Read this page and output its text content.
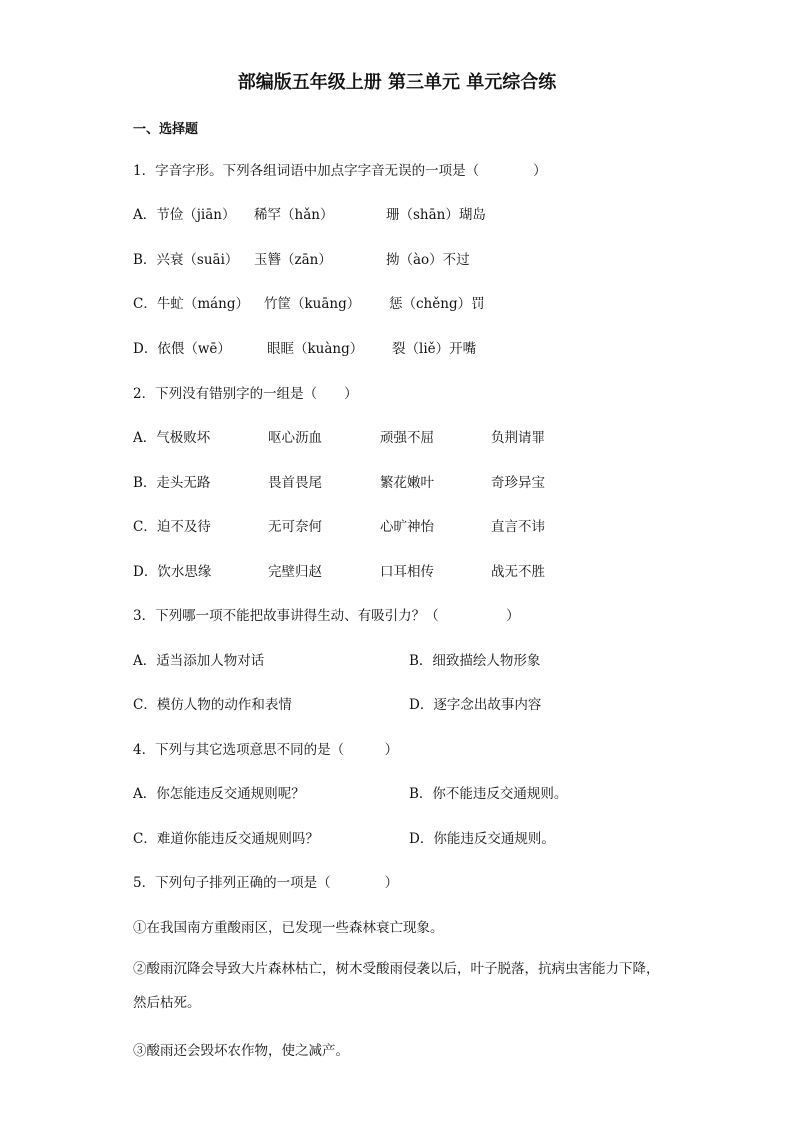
部编版五年级上册 第三单元 单元综合练
一、选择题
1．字音字形。下列各组词语中加点字字音无误的一项是（　　　　）
A．节俭（jiān） 稀罕（hǎn）	珊（shān）瑚岛
B．兴衰（suāi） 玉簪（zān）	拗（ào）不过
C．牛虻（máng） 竹筐（kuāng） 惩（chěng）罚
D．依偎（wē）	眼眶（kuàng） 裂（liě）开嘴
2．下列没有错别字的一组是（　　）
A．气极败坏	呕心沥血	顽强不屈	负荆请罪
B．走头无路	畏首畏尾	繁花嫩叶	奇珍异宝
C．迫不及待	无可奈何	心旷神怡	直言不讳
D．饮水思缘	完壁归赵	口耳相传	战无不胜
3．下列哪一项不能把故事讲得生动、有吸引力？（　　　　　）
A．适当添加人物对话	B．细致描绘人物形象
C．模仿人物的动作和表情	D．逐字念出故事内容
4．下列与其它选项意思不同的是（　　　）
A．你怎能违反交通规则呢？	B．你不能违反交通规则。
C．难道你能违反交通规则吗？	D．你能违反交通规则。
5．下列句子排列正确的一项是（　　　　）
①在我国南方重酸雨区，已发现一些森林衰亡现象。
②酸雨沉降会导致大片森林枯亡，树木受酸雨侵袭以后，叶子脱落，抗病虫害能力下降，然后枯死。
③酸雨还会毁坏农作物，使之减产。
